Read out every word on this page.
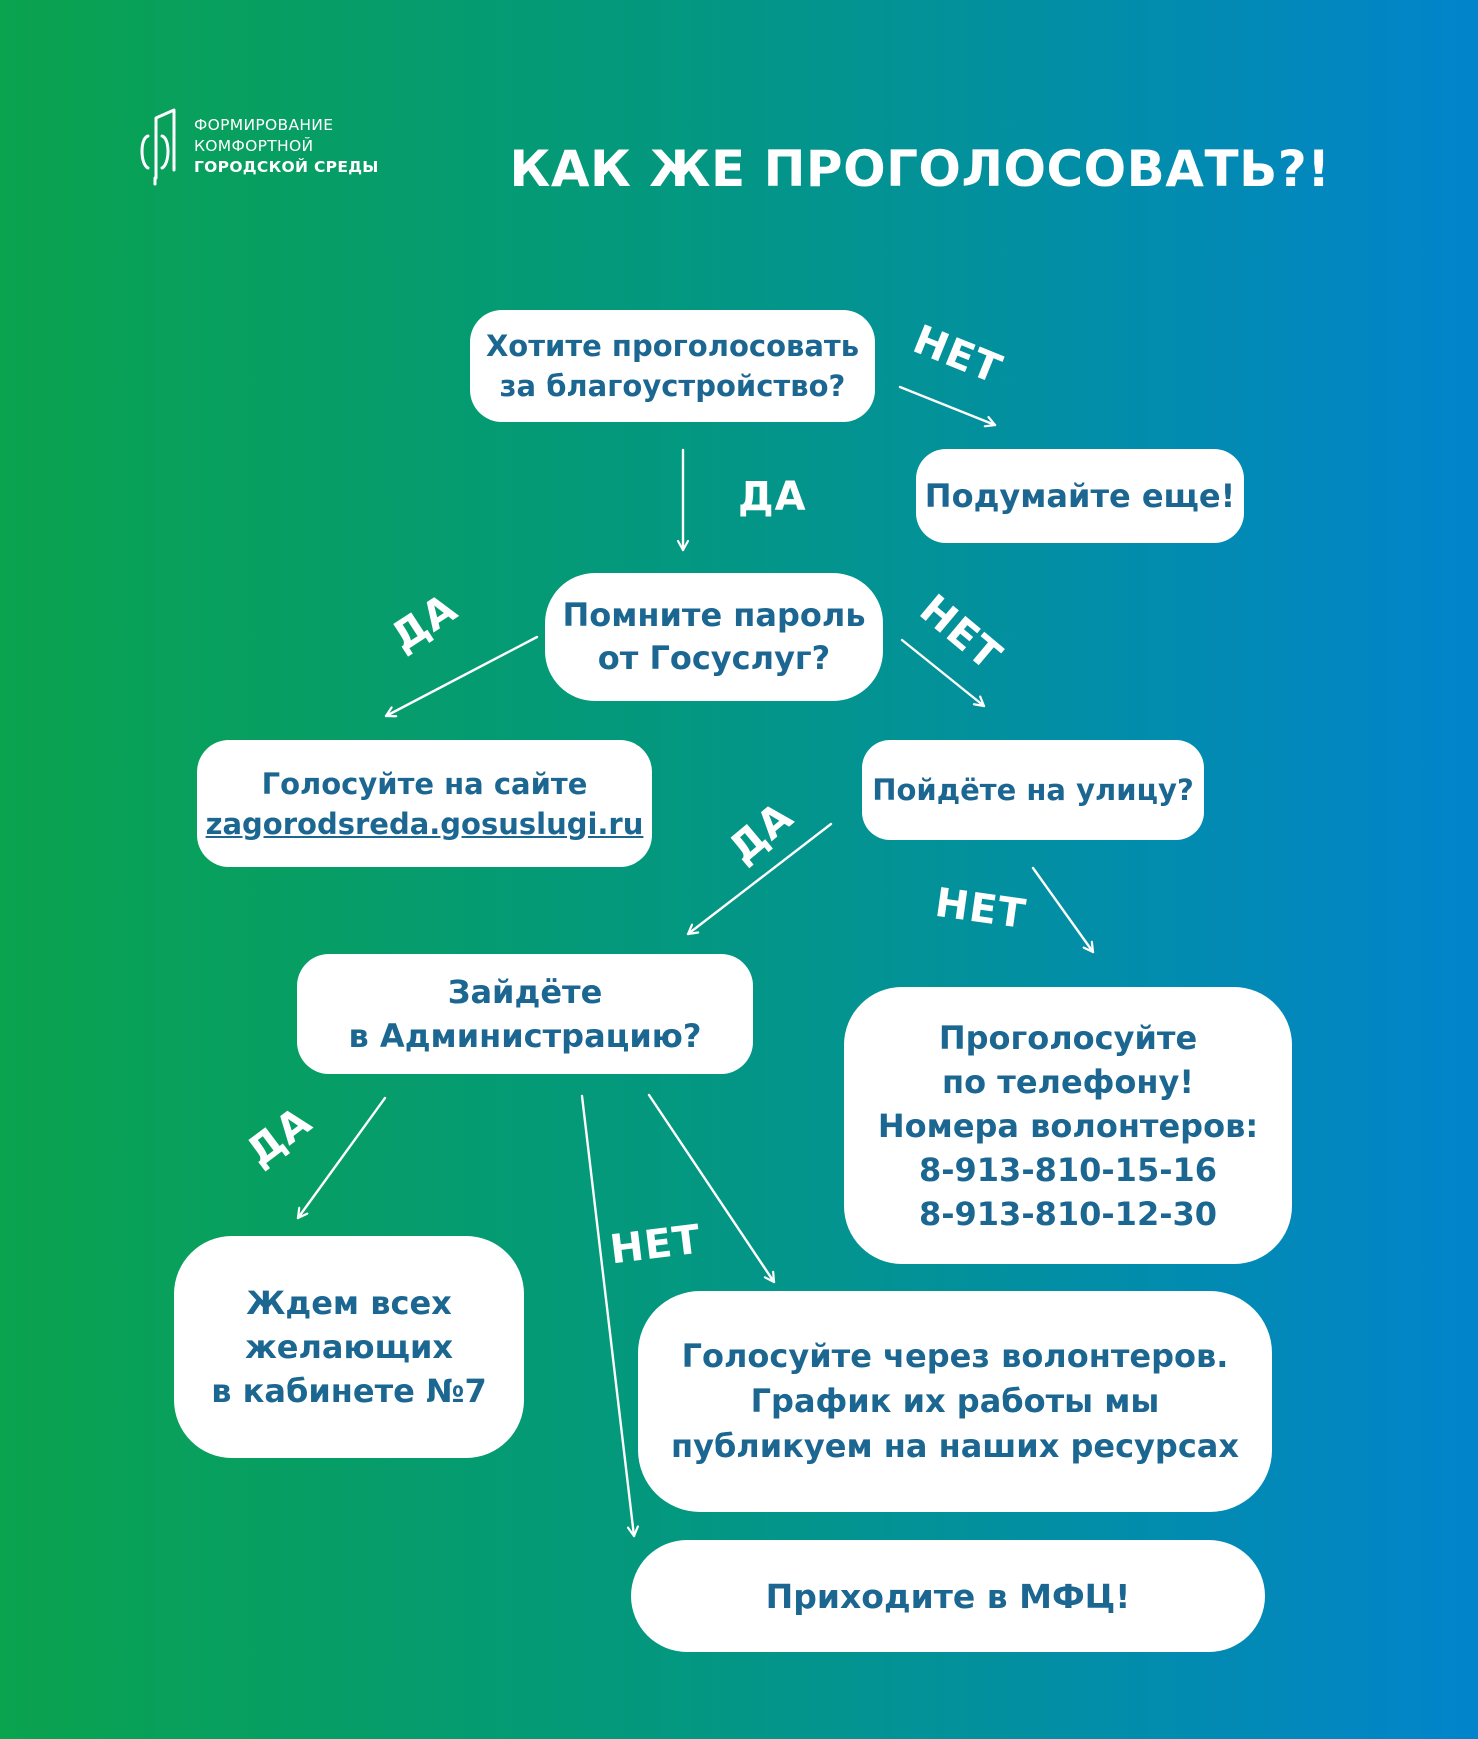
ФОРМИРОВАНИЕ
КОМФОРТНОЙ
ГОРОДСКОЙ СРЕДЫ	КАК ЖЕ ПРОГОЛОСОВАТЬ?!
Хотите проголосовать
за благоустройство?
Подумайте еще!
Помните пароль
от Госуслуг?
Голосуйте на сайте
zagorodsreda.gosuslugi.ru
Пойдёте на улицу?
Зайдёте
в Администрацию?	Проголосуйте
по телефону!
Номера волонтеров:
8-913-810-15-16
8-913-810-12-30
Ждем всех
желающих
в кабинете №7
Голосуйте через волонтеров.
График их работы мы
публикуем на наших ресурсах
Приходите в МФЦ!
НЕТ
ДА
ДА	НЕТ
ДА
НЕТ
ДА
НЕТ
